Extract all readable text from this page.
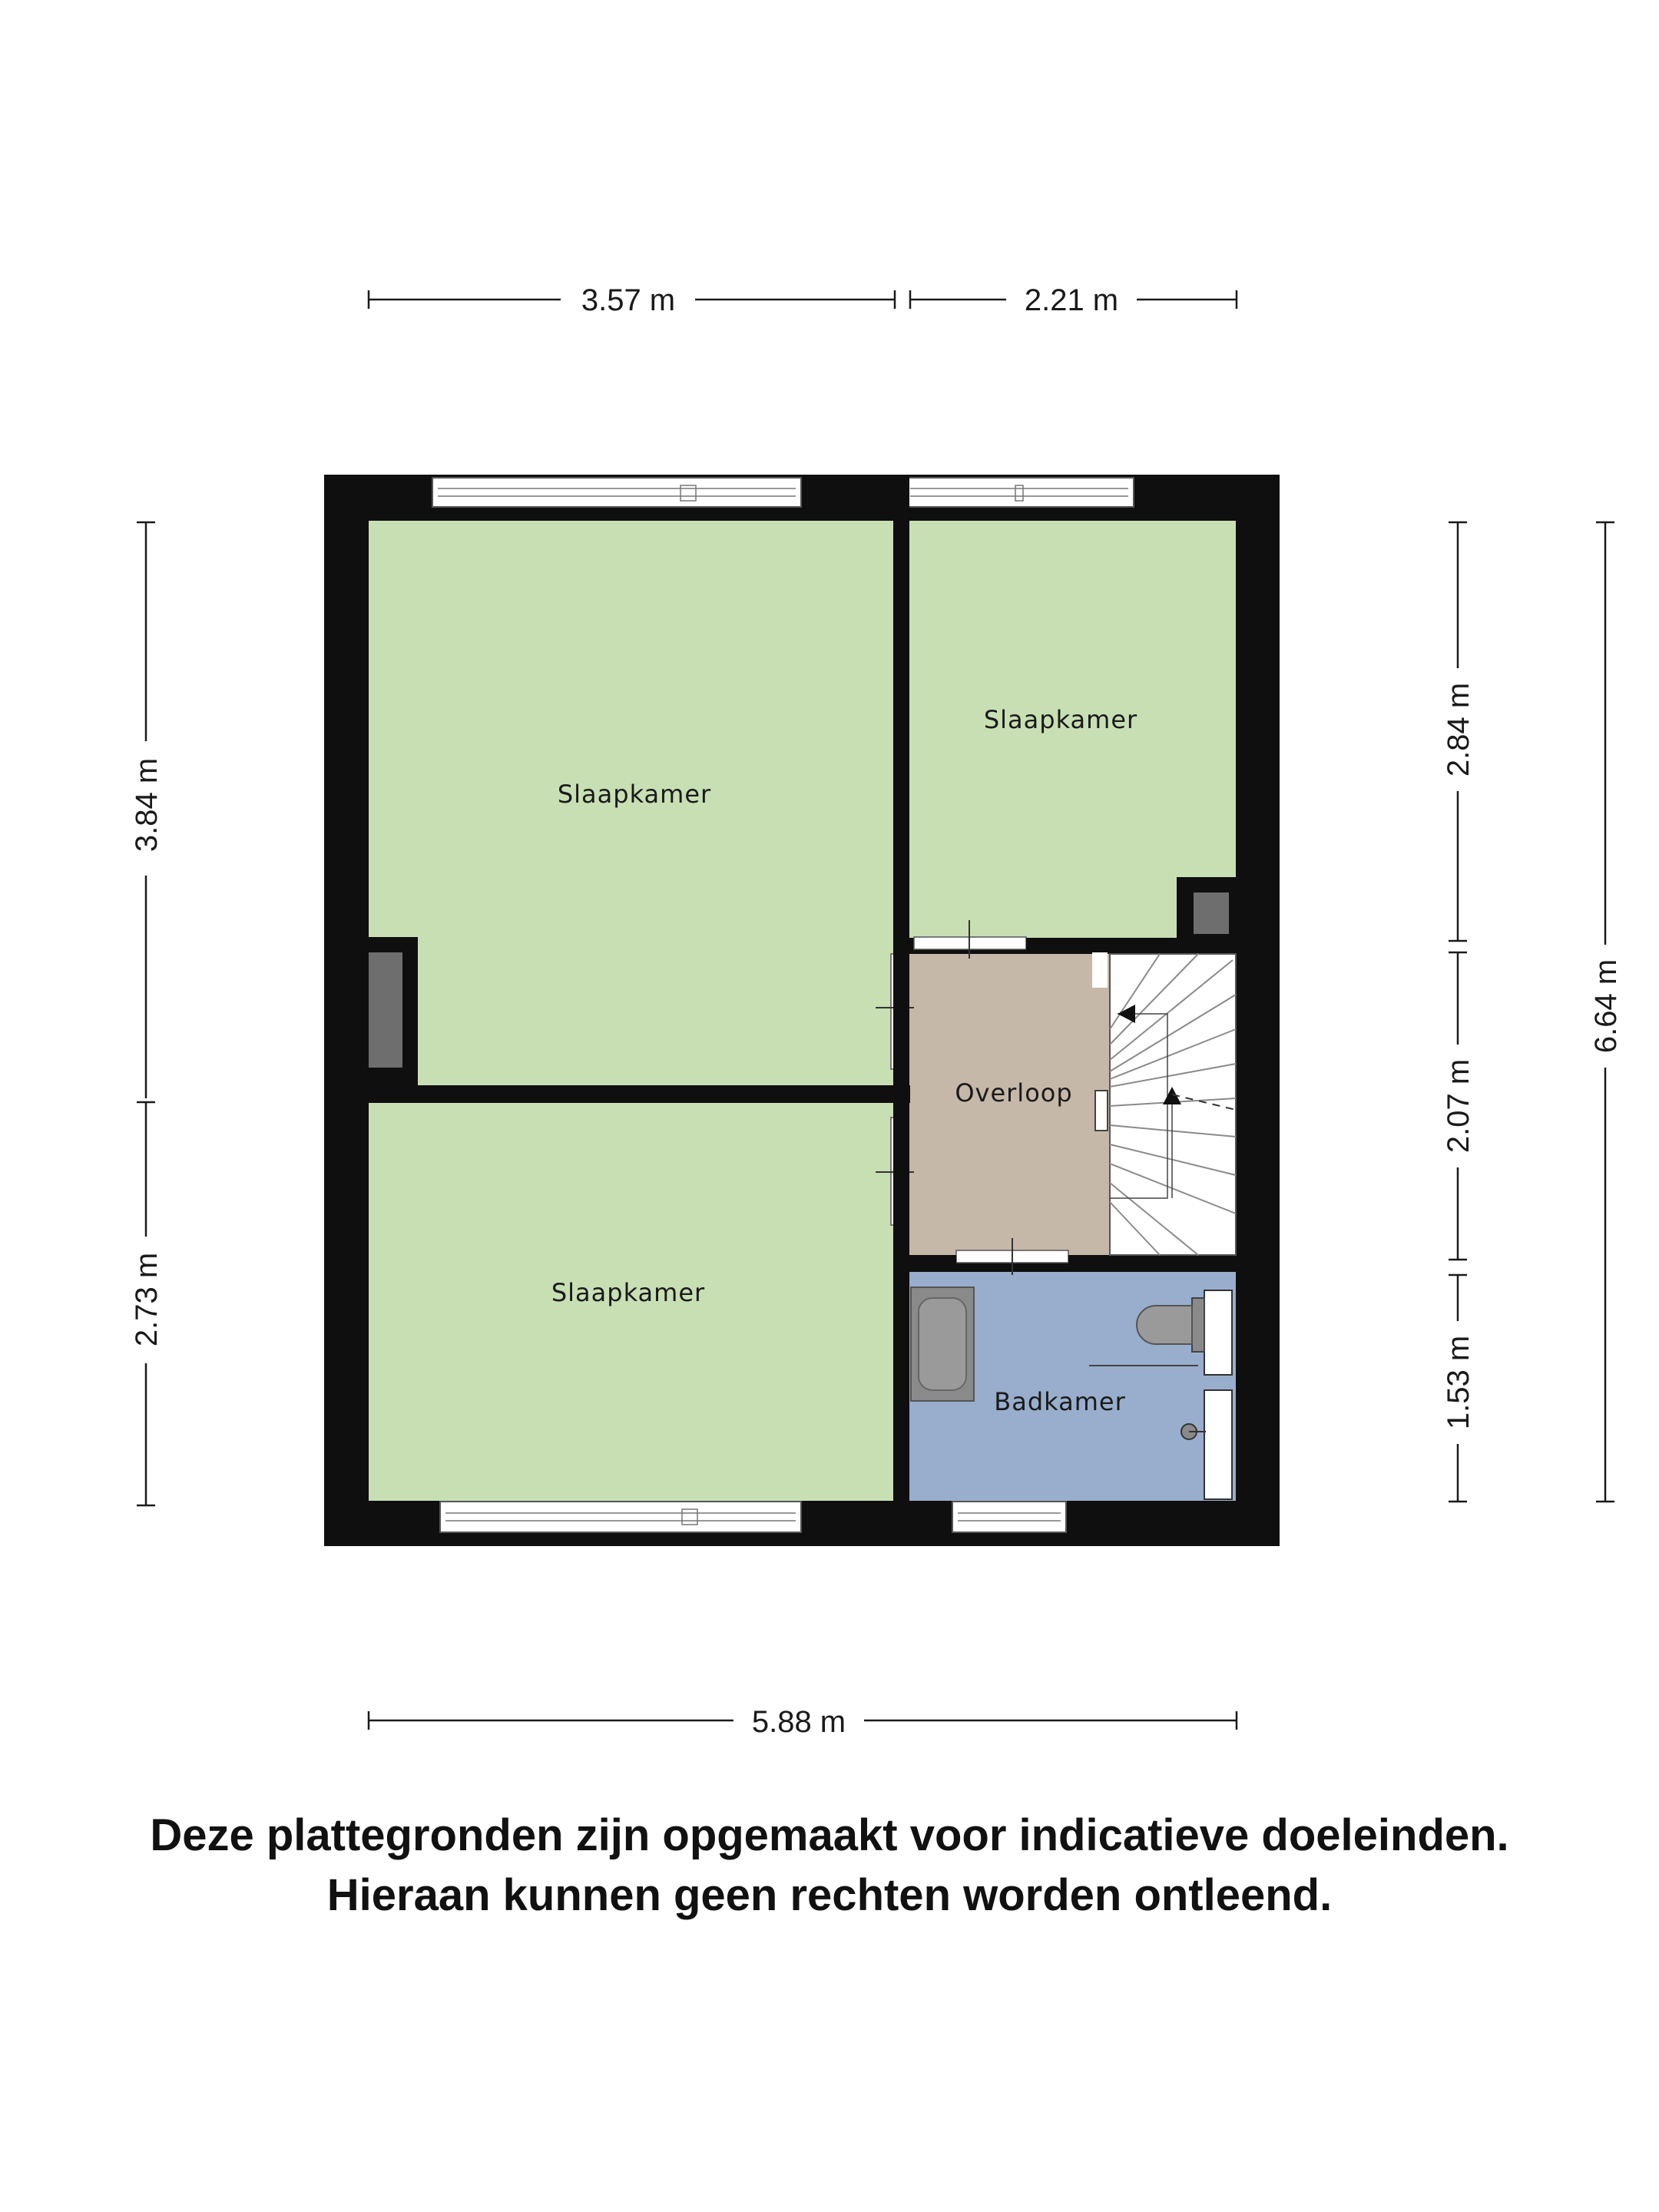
3.57 m	2.21 m
3.84 m
2.73 m
2.84 m
2.07 m
1.53 m
6.64 m
5.88 m
Slaapkamer
Slaapkamer
Slaapkamer
Overloop
Badkamer
Deze plattegronden zijn opgemaakt voor indicatieve doeleinden.
Hieraan kunnen geen rechten worden ontleend.
